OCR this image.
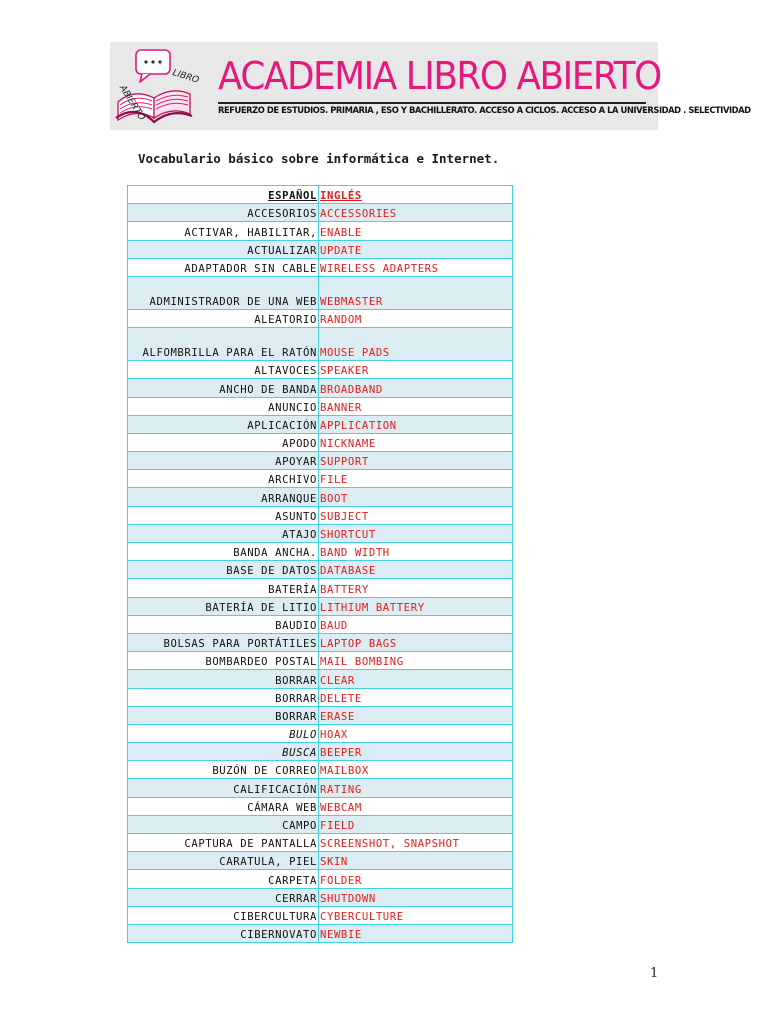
LIBRO
ABIERTO
ACADEMIA LIBRO ABIERTO
REFUERZO DE ESTUDIOS. PRIMARIA , ESO Y BACHILLERATO. ACCESO A CICLOS. ACCESO A LA UNIVERSIDAD . SELECTIVIDAD
Vocabulario básico sobre informática e Internet.
ESPAÑOL	INGLÉS
ACCESORIOS	ACCESSORIES
ACTIVAR, HABILITAR,	ENABLE
ACTUALIZAR	UPDATE
ADAPTADOR SIN CABLE	WIRELESS ADAPTERS
ADMINISTRADOR DE UNA WEB	WEBMASTER
ALEATORIO	RANDOM
ALFOMBRILLA PARA EL RATÓN	MOUSE PADS
ALTAVOCES	SPEAKER
ANCHO DE BANDA	BROADBAND
ANUNCIO	BANNER
APLICACIÓN	APPLICATION
APODO	NICKNAME
APOYAR	SUPPORT
ARCHIVO	FILE
ARRANQUE	BOOT
ASUNTO	SUBJECT
ATAJO	SHORTCUT
BANDA ANCHA.	BAND WIDTH
BASE DE DATOS	DATABASE
BATERÍA	BATTERY
BATERÍA DE LITIO	LITHIUM BATTERY
BAUDIO	BAUD
BOLSAS PARA PORTÁTILES	LAPTOP BAGS
BOMBARDEO POSTAL	MAIL BOMBING
BORRAR	CLEAR
BORRAR	DELETE
BORRAR	ERASE
BULO	HOAX
BUSCA	BEEPER
BUZÓN DE CORREO	MAILBOX
CALIFICACIÓN	RATING
CÁMARA WEB	WEBCAM
CAMPO	FIELD
CAPTURA DE PANTALLA	SCREENSHOT, SNAPSHOT
CARATULA, PIEL	SKIN
CARPETA	FOLDER
CERRAR	SHUTDOWN
CIBERCULTURA	CYBERCULTURE
CIBERNOVATO	NEWBIE
1
